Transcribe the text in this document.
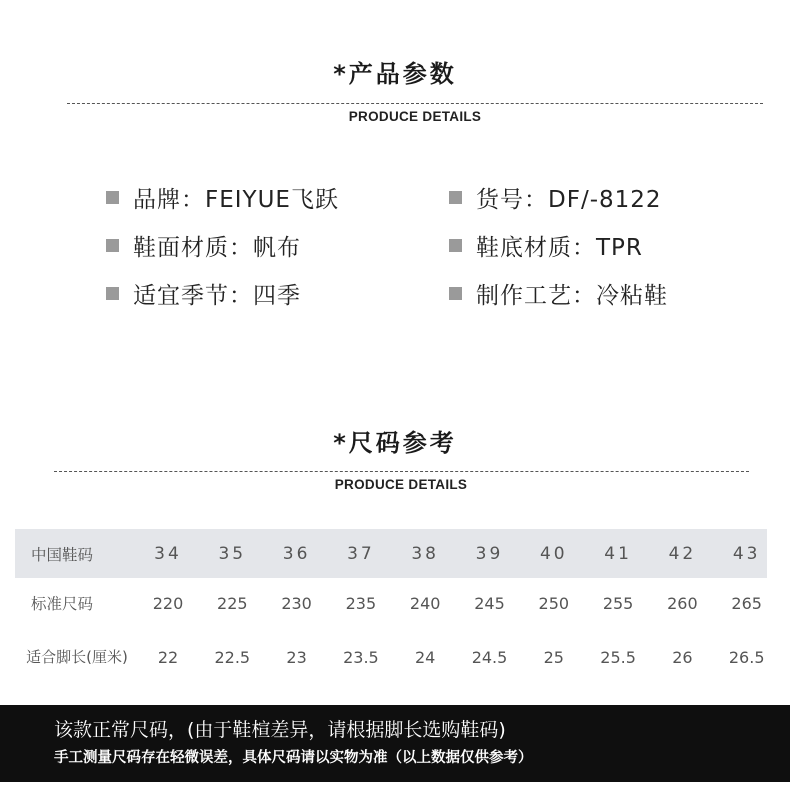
*产品参数
PRODUCE DETAILS
品牌：FEIYUE飞跃	货号：DF/-8122
鞋面材质：帆布	鞋底材质：TPR
适宜季节：四季	制作工艺：冷粘鞋
*尺码参考
PRODUCE DETAILS
中国鞋码	34	35	36	37	38	39	40	41	42	43
标准尺码	220	225	230	235	240	245	250	255	260	265
适合脚长(厘米)	22	22.5	23	23.5	24	24.5	25	25.5	26	26.5
该款正常尺码，(由于鞋楦差异，请根据脚长选购鞋码)
手工测量尺码存在轻微误差，具体尺码请以实物为准（以上数据仅供参考）
